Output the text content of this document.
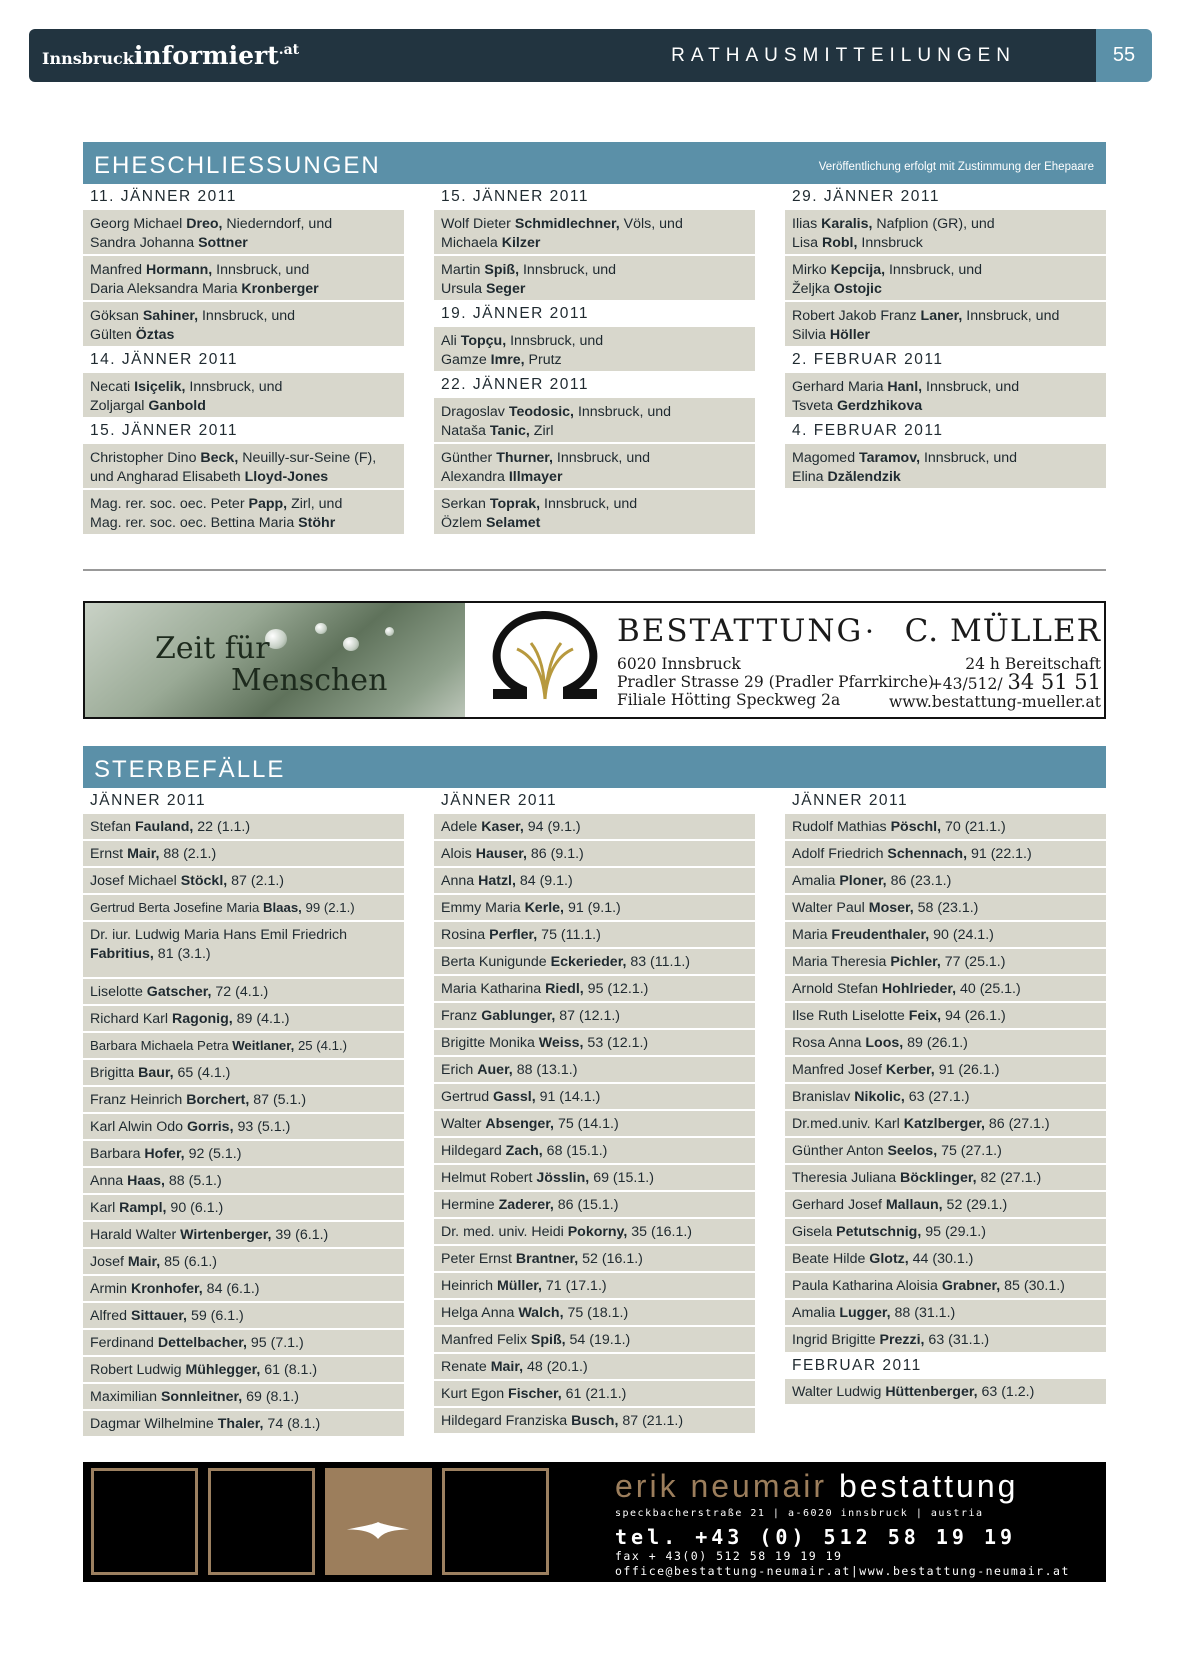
Innsbruckinformiert.at	RATHAUSMITTEILUNGEN	55
EHESCHLIESSUNGEN	Veröffentlichung erfolgt mit Zustimmung der Ehepaare
11. JÄNNER 2011
Georg Michael Dreo, Niederndorf, und
Sandra Johanna Sottner
Manfred Hormann, Innsbruck, und
Daria Aleksandra Maria Kronberger
Göksan Sahiner, Innsbruck, und
Gülten Öztas
14. JÄNNER 2011
Necati Isiçelik, Innsbruck, und
Zoljargal Ganbold
15. JÄNNER 2011
Christopher Dino Beck, Neuilly-sur-Seine (F),
und Angharad Elisabeth Lloyd-Jones
Mag. rer. soc. oec. Peter Papp, Zirl, und
Mag. rer. soc. oec. Bettina Maria Stöhr
15. JÄNNER 2011
Wolf Dieter Schmidlechner, Völs, und
Michaela Kilzer
Martin Spiß, Innsbruck, und
Ursula Seger
19. JÄNNER 2011
Ali Topçu, Innsbruck, und
Gamze Imre, Prutz
22. JÄNNER 2011
Dragoslav Teodosic, Innsbruck, und
Nataša Tanic, Zirl
Günther Thurner, Innsbruck, und
Alexandra Illmayer
Serkan Toprak, Innsbruck, und
Özlem Selamet
29. JÄNNER 2011
Ilias Karalis, Nafplion (GR), und
Lisa Robl, Innsbruck
Mirko Kepcija, Innsbruck, und
Željka Ostojic
Robert Jakob Franz Laner, Innsbruck, und
Silvia Höller
2. FEBRUAR 2011
Gerhard Maria Hanl, Innsbruck, und
Tsveta Gerdzhikova
4. FEBRUAR 2011
Magomed Taramov, Innsbruck, und
Elina Dzălendzik
Zeit für
Menschen
BESTATTUNG · C. MÜLLER
6020 Innsbruck
Pradler Strasse 29 (Pradler Pfarrkirche)
Filiale Hötting Speckweg 2a
24 h Bereitschaft
+43/512/ 34 51 51
www.bestattung-mueller.at
STERBEFÄLLE
JÄNNER 2011
Stefan Fauland, 22 (1.1.)
Ernst Mair, 88 (2.1.)
Josef Michael Stöckl, 87 (2.1.)
Gertrud Berta Josefine Maria Blaas, 99 (2.1.)
Dr. iur. Ludwig Maria Hans Emil Friedrich Fabritius, 81 (3.1.)
Liselotte Gatscher, 72 (4.1.)
Richard Karl Ragonig, 89 (4.1.)
Barbara Michaela Petra Weitlaner, 25 (4.1.)
Brigitta Baur, 65 (4.1.)
Franz Heinrich Borchert, 87 (5.1.)
Karl Alwin Odo Gorris, 93 (5.1.)
Barbara Hofer, 92 (5.1.)
Anna Haas, 88 (5.1.)
Karl Rampl, 90 (6.1.)
Harald Walter Wirtenberger, 39 (6.1.)
Josef Mair, 85 (6.1.)
Armin Kronhofer, 84 (6.1.)
Alfred Sittauer, 59 (6.1.)
Ferdinand Dettelbacher, 95 (7.1.)
Robert Ludwig Mühlegger, 61 (8.1.)
Maximilian Sonnleitner, 69 (8.1.)
Dagmar Wilhelmine Thaler, 74 (8.1.)
JÄNNER 2011
Adele Kaser, 94 (9.1.)
Alois Hauser, 86 (9.1.)
Anna Hatzl, 84 (9.1.)
Emmy Maria Kerle, 91 (9.1.)
Rosina Perfler, 75 (11.1.)
Berta Kunigunde Eckerieder, 83 (11.1.)
Maria Katharina Riedl, 95 (12.1.)
Franz Gablunger, 87 (12.1.)
Brigitte Monika Weiss, 53 (12.1.)
Erich Auer, 88 (13.1.)
Gertrud Gassl, 91 (14.1.)
Walter Absenger, 75 (14.1.)
Hildegard Zach, 68 (15.1.)
Helmut Robert Jösslin, 69 (15.1.)
Hermine Zaderer, 86 (15.1.)
Dr. med. univ. Heidi Pokorny, 35 (16.1.)
Peter Ernst Brantner, 52 (16.1.)
Heinrich Müller, 71 (17.1.)
Helga Anna Walch, 75 (18.1.)
Manfred Felix Spiß, 54 (19.1.)
Renate Mair, 48 (20.1.)
Kurt Egon Fischer, 61 (21.1.)
Hildegard Franziska Busch, 87 (21.1.)
JÄNNER 2011
Rudolf Mathias Pöschl, 70 (21.1.)
Adolf Friedrich Schennach, 91 (22.1.)
Amalia Ploner, 86 (23.1.)
Walter Paul Moser, 58 (23.1.)
Maria Freudenthaler, 90 (24.1.)
Maria Theresia Pichler, 77 (25.1.)
Arnold Stefan Hohlrieder, 40 (25.1.)
Ilse Ruth Liselotte Feix, 94 (26.1.)
Rosa Anna Loos, 89 (26.1.)
Manfred Josef Kerber, 91 (26.1.)
Branislav Nikolic, 63 (27.1.)
Dr.med.univ. Karl Katzlberger, 86 (27.1.)
Günther Anton Seelos, 75 (27.1.)
Theresia Juliana Böcklinger, 82 (27.1.)
Gerhard Josef Mallaun, 52 (29.1.)
Gisela Petutschnig, 95 (29.1.)
Beate Hilde Glotz, 44 (30.1.)
Paula Katharina Aloisia Grabner, 85 (30.1.)
Amalia Lugger, 88 (31.1.)
Ingrid Brigitte Prezzi, 63 (31.1.)
FEBRUAR 2011
Walter Ludwig Hüttenberger, 63 (1.2.)
erik neumair bestattung
speckbacherstraße 21 | a-6020 innsbruck | austria
tel. +43 (0) 512 58 19 19
fax + 43(0) 512 58 19 19 19
office@bestattung-neumair.at|www.bestattung-neumair.at
